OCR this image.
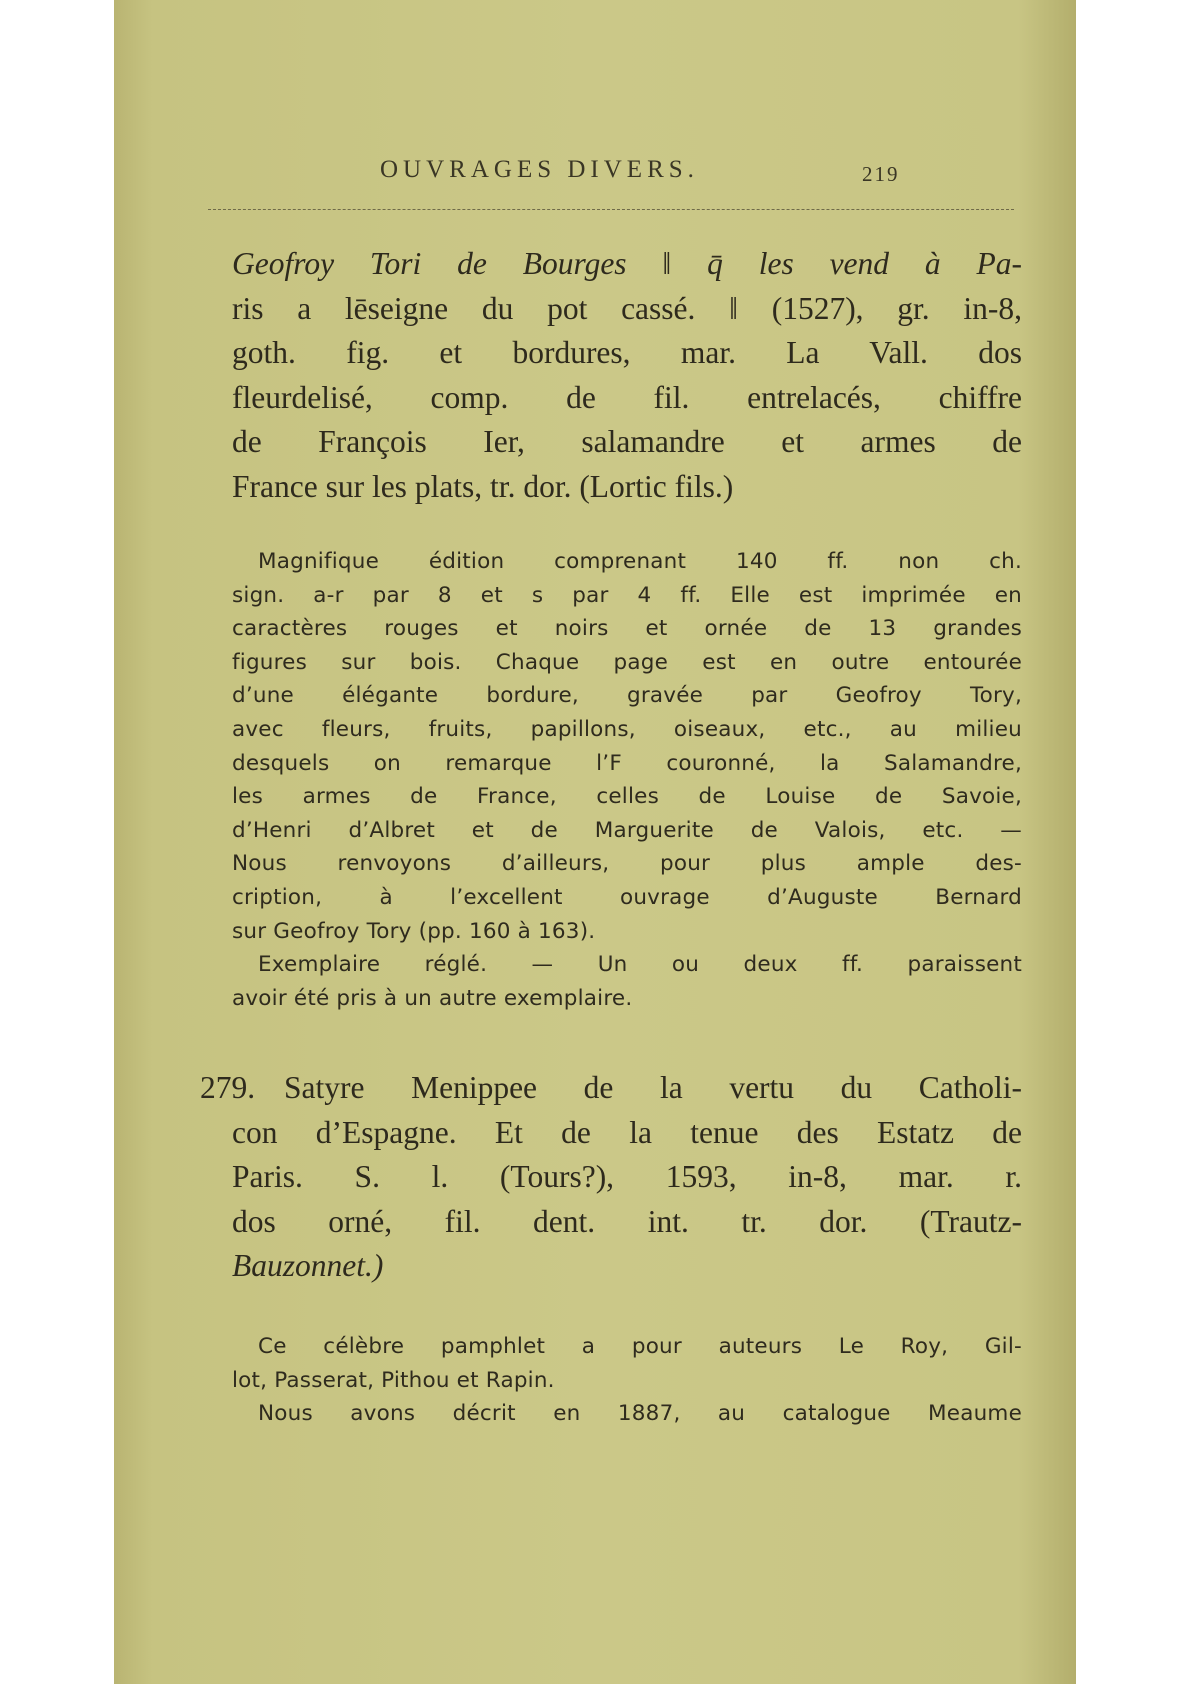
OUVRAGES DIVERS.	219
Geofroy Tori de Bourges ‖ q̄ les vend à Pa-
ris a lēseigne du pot cassé. ‖ (1527), gr. in-8,
goth. fig. et bordures, mar. La Vall. dos
fleurdelisé, comp. de fil. entrelacés, chiffre
de François Ier, salamandre et armes de
France sur les plats, tr. dor. (Lortic fils.)
Magnifique édition comprenant 140 ff. non ch.
sign. a-r par 8 et s par 4 ff. Elle est imprimée en
caractères rouges et noirs et ornée de 13 grandes
figures sur bois. Chaque page est en outre entourée
d’une élégante bordure, gravée par Geofroy Tory,
avec fleurs, fruits, papillons, oiseaux, etc., au milieu
desquels on remarque l’F couronné, la Salamandre,
les armes de France, celles de Louise de Savoie,
d’Henri d’Albret et de Marguerite de Valois, etc. —
Nous renvoyons d’ailleurs, pour plus ample des-
cription, à l’excellent ouvrage d’Auguste Bernard
sur Geofroy Tory (pp. 160 à 163).
Exemplaire réglé. — Un ou deux ff. paraissent
avoir été pris à un autre exemplaire.
279. Satyre Menippee de la vertu du Catholi-
con d’Espagne. Et de la tenue des Estatz de
Paris. S. l. (Tours?), 1593, in-8, mar. r.
dos orné, fil. dent. int. tr. dor. (Trautz-
Bauzonnet.)
Ce célèbre pamphlet a pour auteurs Le Roy, Gil-
lot, Passerat, Pithou et Rapin.
Nous avons décrit en 1887, au catalogue Meaume
